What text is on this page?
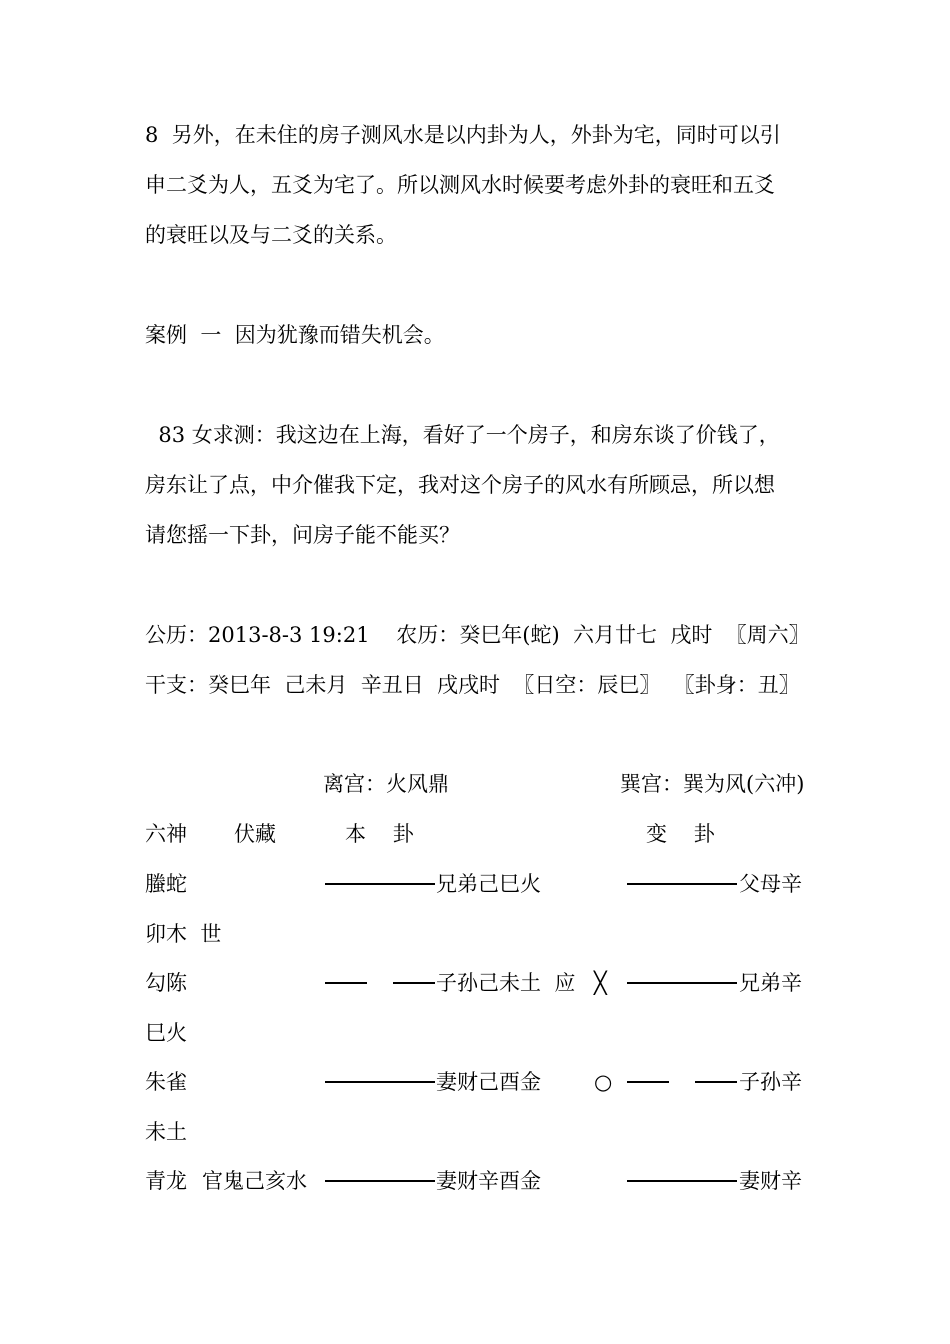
8  另外，在未住的房子测风水是以内卦为人，外卦为宅，同时可以引
申二爻为人，五爻为宅了。所以测风水时候要考虑外卦的衰旺和五爻
的衰旺以及与二爻的关系。
案例  一  因为犹豫而错失机会。
83 女求测：我这边在上海，看好了一个房子，和房东谈了价钱了，
房东让了点，中介催我下定，我对这个房子的风水有所顾忌，所以想
请您摇一下卦，问房子能不能买？
公历：2013-8-3 19:21    农历：癸巳年(蛇)  六月廿七  戌时  〖周六〗
干支：癸巳年  己未月  辛丑日  戌戌时  〖日空：辰巳〗  〖卦身：丑〗
离宫：火风鼎	巽宫：巽为风(六冲)
六神 伏藏	本    卦	变    卦
螣蛇	兄弟己巳火	父母辛
卯木  世
勾陈	子孙己未土  应 ╳	兄弟辛
巳火
朱雀	妻财己酉金	○	子孙辛
未土
青龙 官鬼己亥水	妻财辛酉金	妻财辛
